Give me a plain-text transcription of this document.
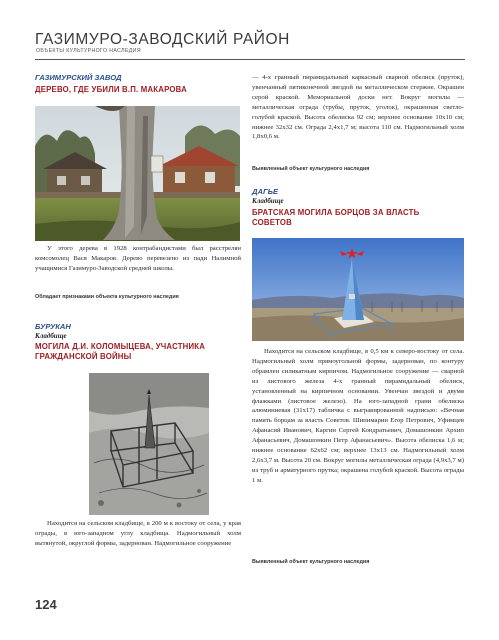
ГАЗИМУРО-ЗАВОДСКИЙ РАЙОН
ОБЪЕКТЫ КУЛЬТУРНОГО НАСЛЕДИЯ
ГАЗИМУРСКИЙ ЗАВОД
ДЕРЕВО, ГДЕ УБИЛИ В.П. МАКАРОВА

У этого дерева в 1928 контрабандистами был расстрелян комсомолец Вася Макаров. Дерево перевезено из пади Налимной учащимися Газимуро-Заводской средней школы.

Обладает признаками объекта культурного наследия
БУРУКАН
Кладбище
МОГИЛА Д.И. КОЛОМЫЦЕВА, УЧАСТНИКА ГРАЖДАНСКОЙ ВОЙНЫ

Находится на сельском кладбище, в 200 м к востоку от села, у края ограды, в юго-западном углу кладбища. Надмогильный холм вытянутой, округлой формы, задернован. Надмогильное сооружение

124

— 4-х гранный пирамидальный каркасный сварной обелиск (пруток), увенчанный пятиконечной звездой на металлическом стержне. Окрашен серой краской. Мемориальной доски нет. Вокруг могилы — металлическая ограда (трубы, пруток, уголок), окрашенная светло-голубой краской. Высота обелиска 92 см; верхнее основание 10х10 см; нижнее 32х32 см. Ограда 2,4х1,7 м; высота 110 см. Надмогильный холм 1,8х0,6 м.

Выявленный объект культурного наследия
ДАГЬЕ
Кладбище
БРАТСКАЯ МОГИЛА БОРЦОВ ЗА ВЛАСТЬ СОВЕТОВ

Находится на сельском кладбище, в 0,5 км к северо-востоку от села. Надмогильный холм прямоугольной формы, задернован, по контуру обрамлен силикатным кирпичом. Надмогильное сооружение — сварной из листового железа 4-х гранный пирамидальный обелиск, установленный на кирпичном основании. Увенчан звездой и двумя флажками (листовое железо). На юго-западной грани обелиска алюминиевая (31х17) табличка с выгравированной надписью: «Вечная память борцам за власть Советов. Шипимарин Егор Петрович, Уфимцев Афанасий Иванович, Каргин Сергей Кондратьевич, Домашонкин Архип Афанасьевич, Домашонкин Петр Афанасьевич». Высота обелиска 1,6 м; нижнее основание 62х62 см; верхнее 13х13 см. Надмогильный холм 2,6х3,7 м. Высота 20 см. Вокруг могилы металлическая ограда (4,9х3,7 м) из труб и арматурного прутка; окрашена голубой краской. Высота ограды 1 м.

Выявленный объект культурного наследия
